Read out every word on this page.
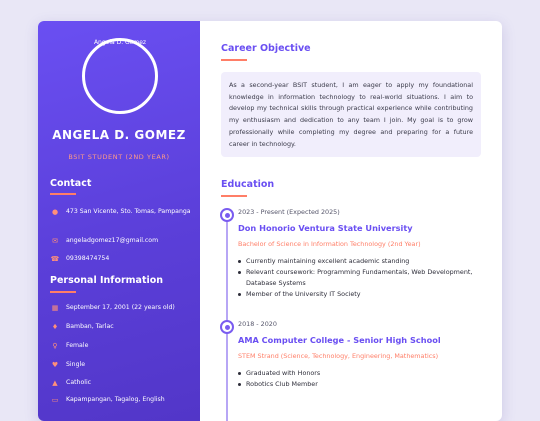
Angela D. Gomez
ANGELA D. GOMEZ
BSIT STUDENT (2ND YEAR)
Contact
●	473 San Vicente, Sto. Tomas, Pampanga
✉	angeladgomez17@gmail.com
☎ 09398474754
Personal Information
▦ September 17, 2001 (22 years old)
♦ Bamban, Tarlac
♀	Female
♥ Single
▲	Catholic
▭ Kapampangan, Tagalog, English
Career Objective
As a second-year BSIT student, I am eager to apply my foundational knowledge in information technology to real-world situations. I aim to develop my technical skills through practical experience while contributing my enthusiasm and dedication to any team I join. My goal is to grow professionally while completing my degree and preparing for a future career in technology.
Education
2023 - Present (Expected 2025)
Don Honorio Ventura State University
Bachelor of Science in Information Technology (2nd Year)
Currently maintaining excellent academic standing
Relevant coursework: Programming Fundamentals, Web Development, Database Systems
Member of the University IT Society
2018 - 2020
AMA Computer College - Senior High School
STEM Strand (Science, Technology, Engineering, Mathematics)
Graduated with Honors
Robotics Club Member
